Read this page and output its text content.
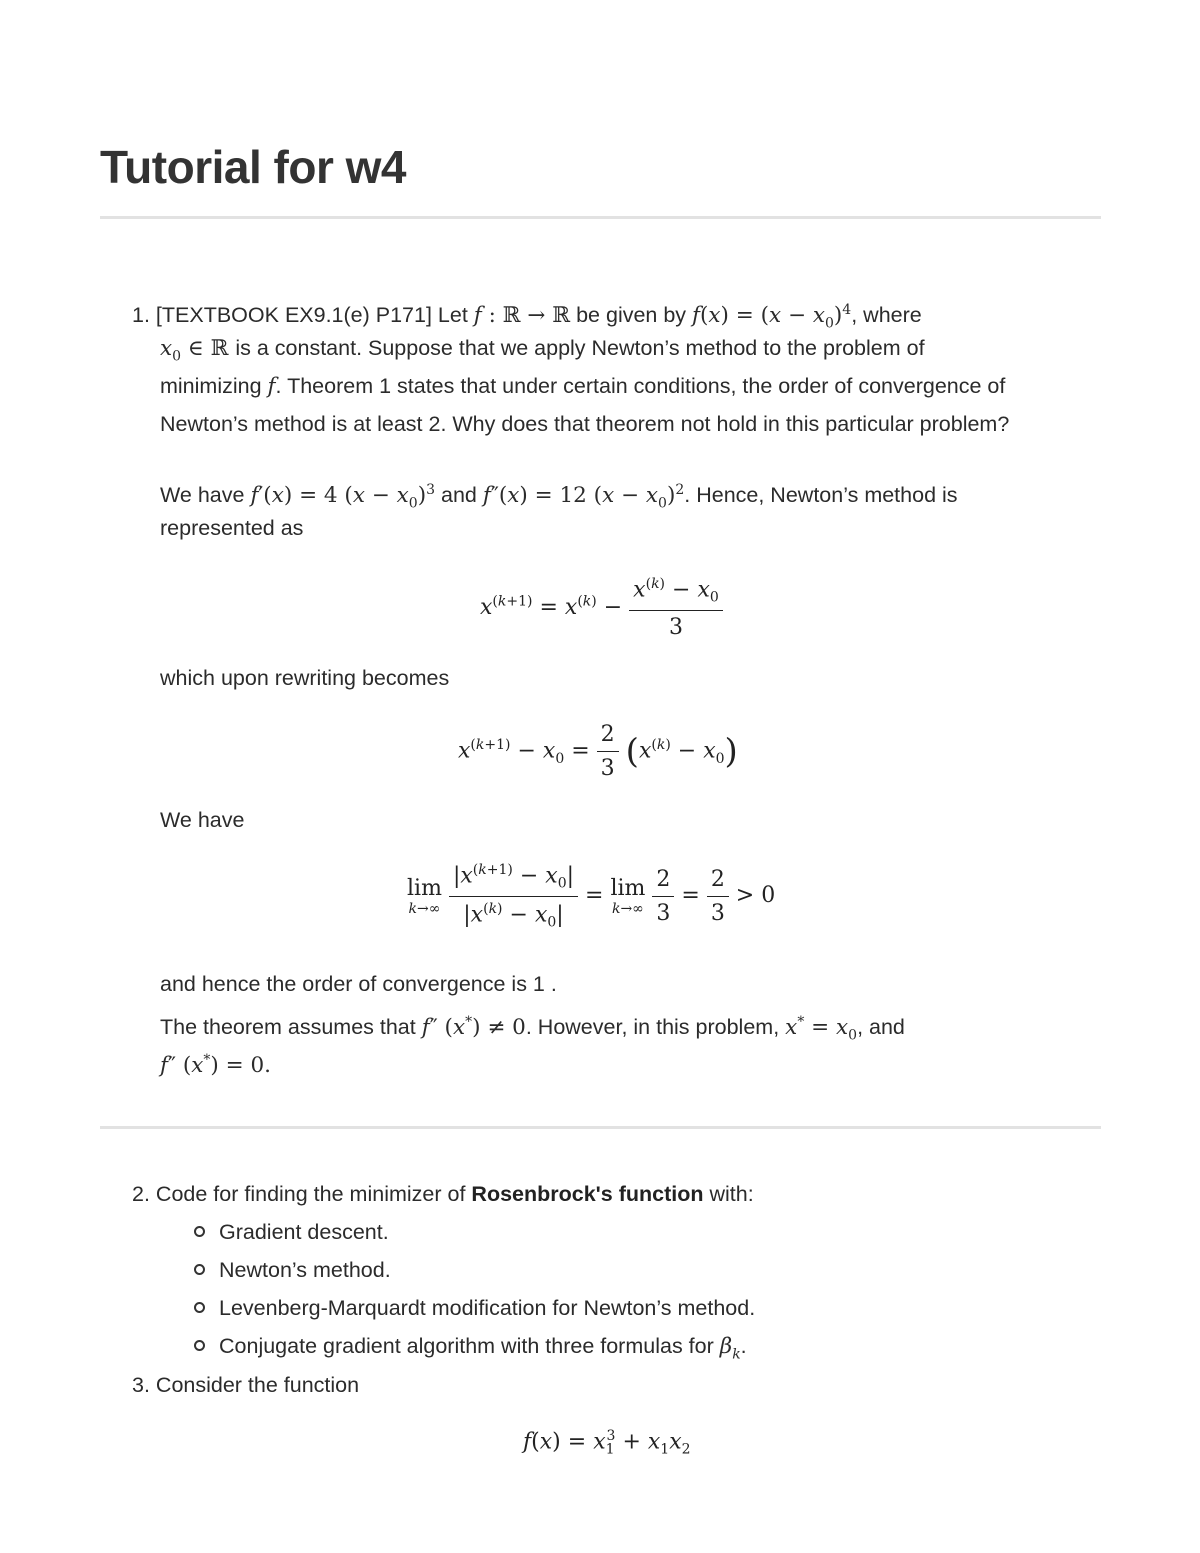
Tutorial for w4
1. [TEXTBOOK EX9.1(e) P171] Let f : ℝ → ℝ be given by $f(x) = (x - x_0)^4$, where
$x_0$ ∈ ℝ is a constant. Suppose that we apply Newton’s method to the problem of
minimizing f. Theorem 1 states that under certain conditions, the order of convergence of
Newton’s method is at least 2. Why does that theorem not hold in this particular problem?
We have f′(x) = 4 $(x - x_0)^3$ and f″(x) = 12 $(x - x_0)^2$. Hence, Newton’s method is
represented as
$x^{(k+1)} = x^{(k)} - \frac{x^{(k)} - x_0}{3}$
which upon rewriting becomes
$x^{(k+1)} - x_0 = \frac{2}{3} (x^{(k)} - x_0)$
We have
lim
k→∞
$\frac{|x^{(k+1)} - x_0|}{|x^{(k)} - x_0|} = \lim$
k→∞
$\frac{2}{3} = \frac{2}{3} > 0$
and hence the order of convergence is 1 .
The theorem assumes that f″ (x*) ≠ 0. However, in this problem, $x^* = x_0$, and
f″ (x*) = 0.
2. Code for finding the minimizer of Rosenbrock's function with:
Gradient descent.
Newton’s method.
Levenberg-Marquardt modification for Newton’s method.
Conjugate gradient algorithm with three formulas for $\beta_k$.
3. Consider the function
$f(x) = x_1^3 + x_1x_2$
